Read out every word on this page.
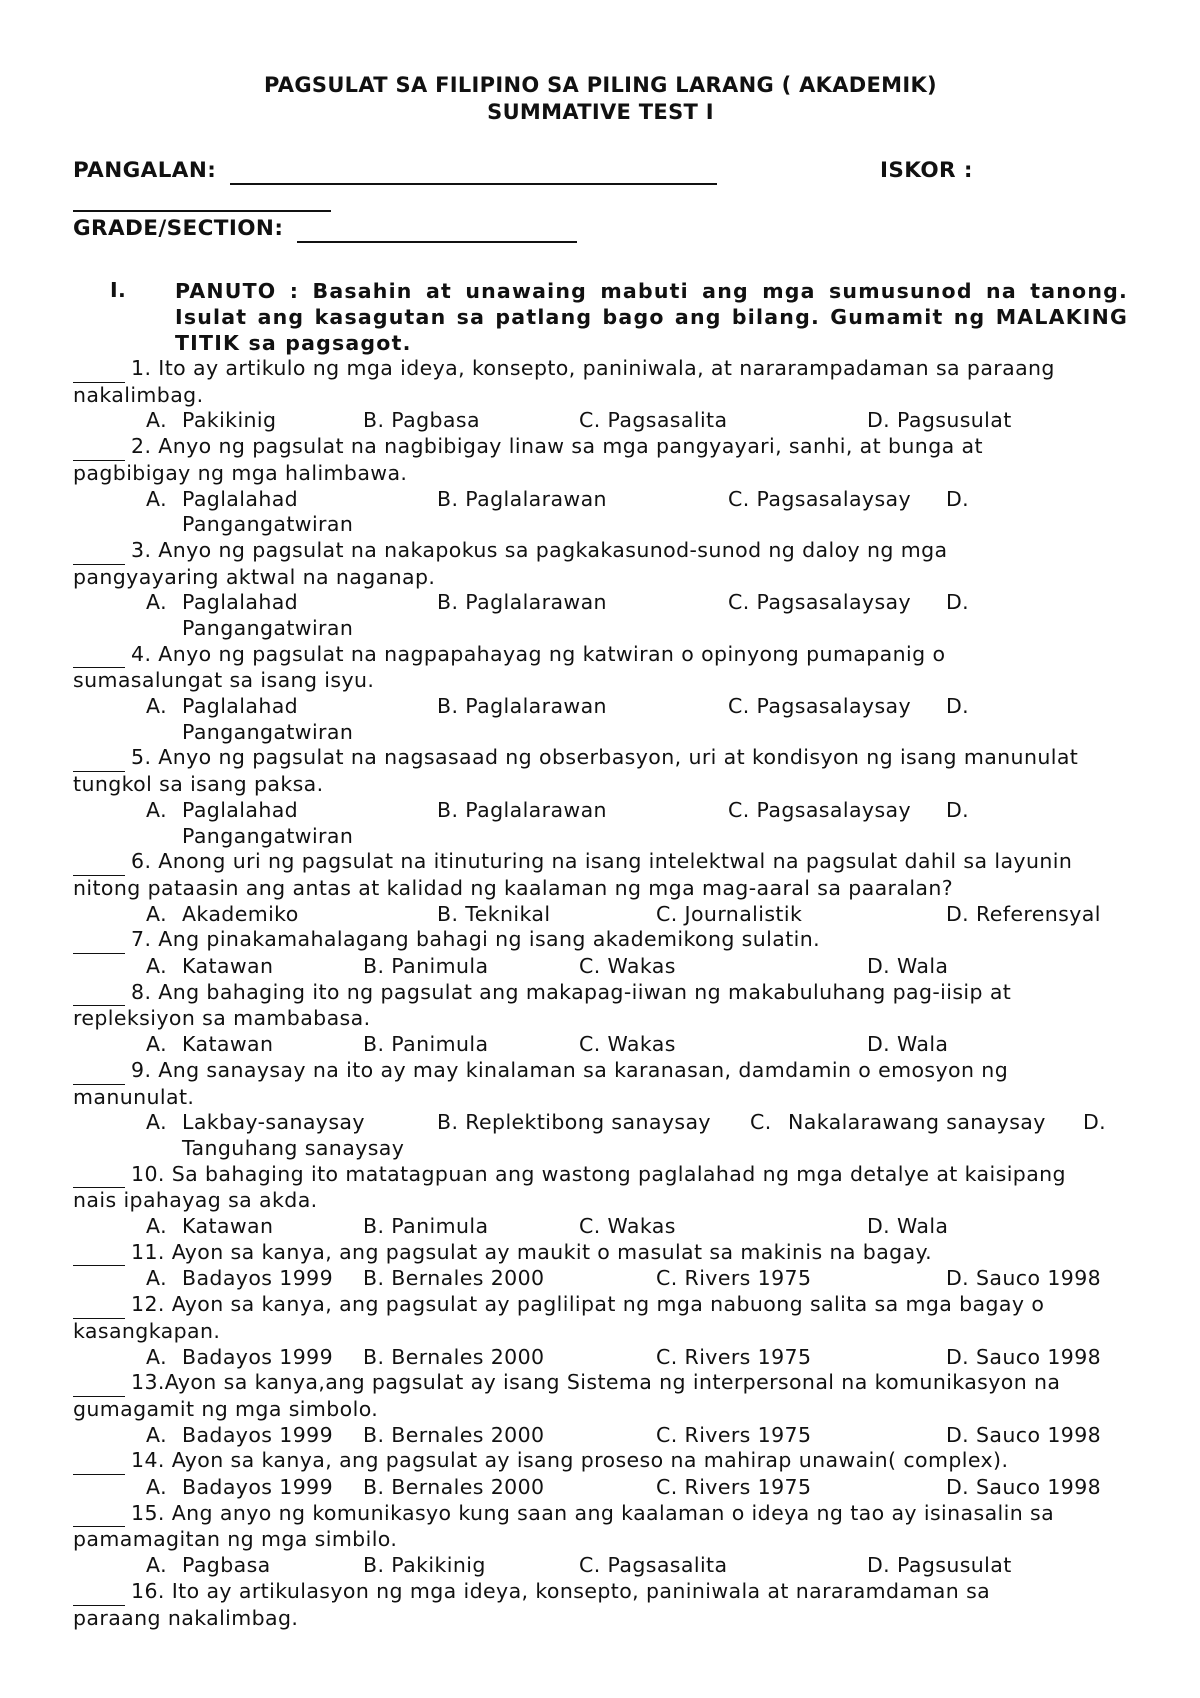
PAGSULAT SA FILIPINO SA PILING LARANG ( AKADEMIK)
SUMMATIVE TEST I
PANGALAN:	ISKOR :
GRADE/SECTION:
I.	PANUTO : Basahin at unawaing mabuti ang mga sumusunod na tanong. Isulat ang kasagutan sa patlang bago ang bilang. Gumamit ng MALAKING TITIK sa pagsagot.
1. Ito ay artikulo ng mga ideya, konsepto, paniniwala, at nararampadaman sa paraang
nakalimbag.
A. Pakikinig	B. Pagbasa	C. Pagsasalita	D. Pagsusulat
2. Anyo ng pagsulat na nagbibigay linaw sa mga pangyayari, sanhi, at bunga at
pagbibigay ng mga halimbawa.
A. Paglalahad	B. Paglalarawan	C. Pagsasalaysay D.
Pangangatwiran
3. Anyo ng pagsulat na nakapokus sa pagkakasunod-sunod ng daloy ng mga
pangyayaring aktwal na naganap.
A. Paglalahad	B. Paglalarawan	C. Pagsasalaysay D.
Pangangatwiran
4. Anyo ng pagsulat na nagpapahayag ng katwiran o opinyong pumapanig o
sumasalungat sa isang isyu.
A. Paglalahad	B. Paglalarawan	C. Pagsasalaysay D.
Pangangatwiran
5. Anyo ng pagsulat na nagsasaad ng obserbasyon, uri at kondisyon ng isang manunulat
tungkol sa isang paksa.
A. Paglalahad	B. Paglalarawan	C. Pagsasalaysay D.
Pangangatwiran
6. Anong uri ng pagsulat na itinuturing na isang intelektwal na pagsulat dahil sa layunin
nitong pataasin ang antas at kalidad ng kaalaman ng mga mag-aaral sa paaralan?
A. Akademiko	B. Teknikal	C. Journalistik	D. Referensyal
7. Ang pinakamahalagang bahagi ng isang akademikong sulatin.
A. Katawan	B. Panimula	C. Wakas	D. Wala
8. Ang bahaging ito ng pagsulat ang makapag-iiwan ng makabuluhang pag-iisip at
repleksiyon sa mambabasa.
A. Katawan	B. Panimula	C. Wakas	D. Wala
9. Ang sanaysay na ito ay may kinalaman sa karanasan, damdamin o emosyon ng
manunulat.
A. Lakbay-sanaysay	B. Replektibong sanaysay C. Nakalarawang sanaysay D.
Tanguhang sanaysay
10. Sa bahaging ito matatagpuan ang wastong paglalahad ng mga detalye at kaisipang
nais ipahayag sa akda.
A. Katawan	B. Panimula	C. Wakas	D. Wala
11. Ayon sa kanya, ang pagsulat ay maukit o masulat sa makinis na bagay.
A. Badayos 1999 B. Bernales 2000	C. Rivers 1975	D. Sauco 1998
12. Ayon sa kanya, ang pagsulat ay paglilipat ng mga nabuong salita sa mga bagay o
kasangkapan.
A. Badayos 1999 B. Bernales 2000	C. Rivers 1975	D. Sauco 1998
13.Ayon sa kanya,ang pagsulat ay isang Sistema ng interpersonal na komunikasyon na
gumagamit ng mga simbolo.
A. Badayos 1999 B. Bernales 2000	C. Rivers 1975	D. Sauco 1998
14. Ayon sa kanya, ang pagsulat ay isang proseso na mahirap unawain( complex).
A. Badayos 1999 B. Bernales 2000	C. Rivers 1975	D. Sauco 1998
15. Ang anyo ng komunikasyo kung saan ang kaalaman o ideya ng tao ay isinasalin sa
pamamagitan ng mga simbilo.
A. Pagbasa	B. Pakikinig	C. Pagsasalita	D. Pagsusulat
16. Ito ay artikulasyon ng mga ideya, konsepto, paniniwala at nararamdaman sa
paraang nakalimbag.
